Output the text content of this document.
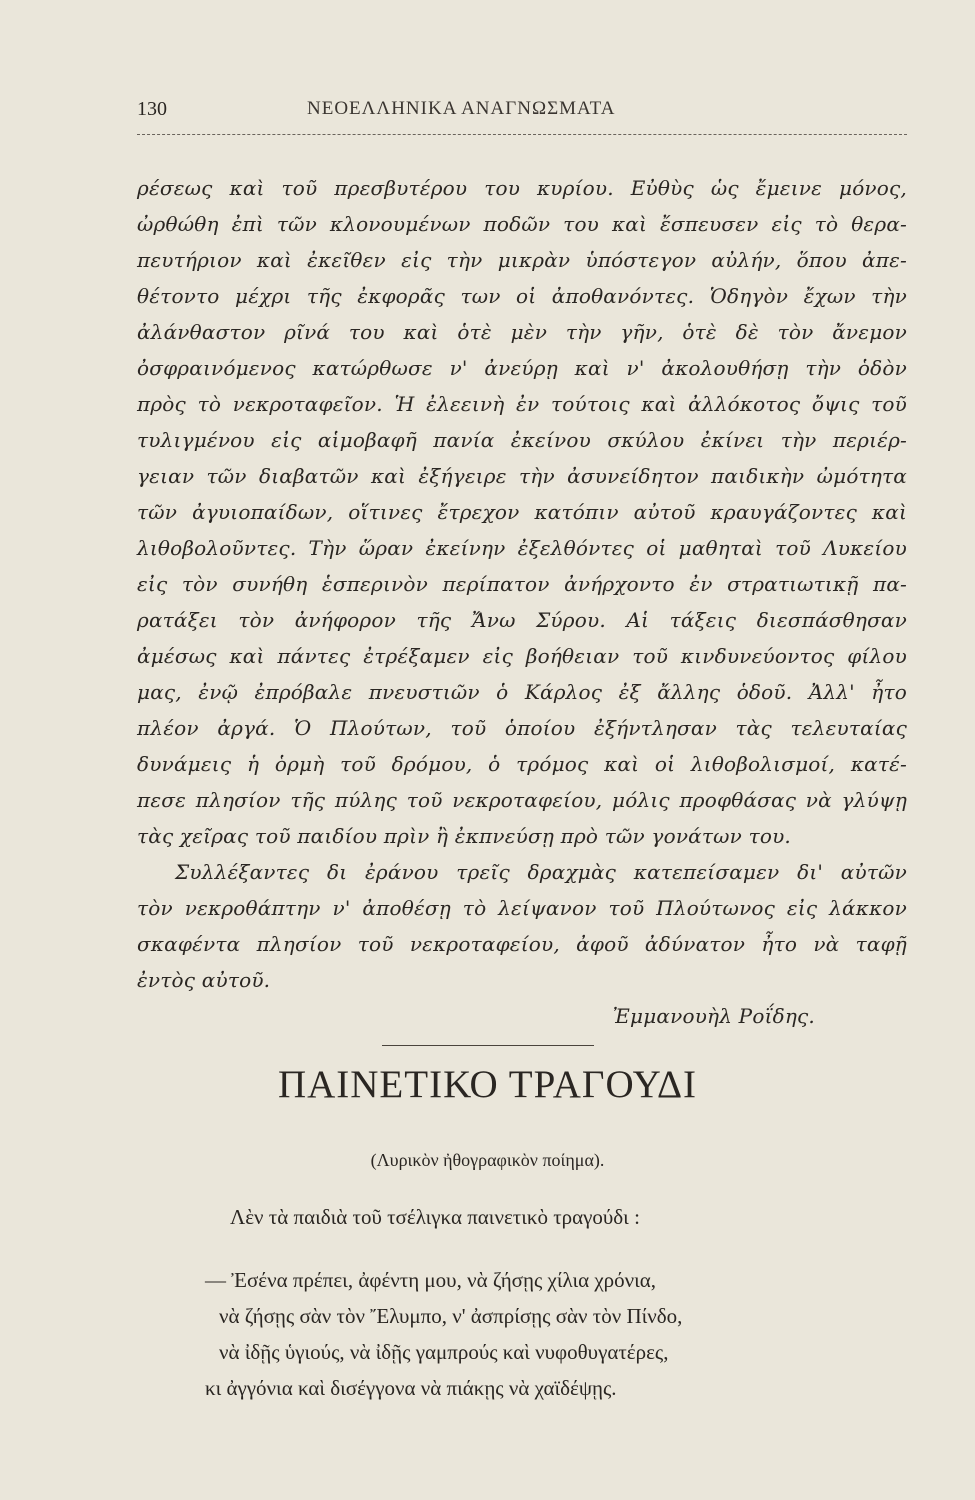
130	ΝΕΟΕΛΛΗΝΙΚΑ ΑΝΑΓΝΩΣΜΑΤΑ
ρέσεως καὶ τοῦ πρεσβυτέρου του κυρίου. Εὐθὺς ὡς ἔμεινε μόνος,
ὠρθώθη ἐπὶ τῶν κλονουμένων ποδῶν του καὶ ἔσπευσεν εἰς τὸ θερα-
πευτήριον καὶ ἐκεῖθεν εἰς τὴν μικρὰν ὑπόστεγον αὐλήν, ὅπου ἀπε-
θέτοντο μέχρι τῆς ἐκφορᾶς των οἱ ἀποθανόντες. Ὁδηγὸν ἔχων τὴν
ἀλάνθαστον ρῖνά του καὶ ὁτὲ μὲν τὴν γῆν, ὁτὲ δὲ τὸν ἄνεμον
ὀσφραινόμενος κατώρθωσε ν' ἀνεύρῃ καὶ ν' ἀκολουθήσῃ τὴν ὁδὸν
πρὸς τὸ νεκροταφεῖον. Ἡ ἐλεεινὴ ἐν τούτοις καὶ ἀλλόκοτος ὄψις τοῦ
τυλιγμένου εἰς αἱμοβαφῆ πανία ἐκείνου σκύλου ἐκίνει τὴν περιέρ-
γειαν τῶν διαβατῶν καὶ ἐξήγειρε τὴν ἀσυνείδητον παιδικὴν ὠμότητα
τῶν ἀγυιοπαίδων, οἵτινες ἔτρεχον κατόπιν αὐτοῦ κραυγάζοντες καὶ
λιθοβολοῦντες. Τὴν ὥραν ἐκείνην ἐξελθόντες οἱ μαθηταὶ τοῦ Λυκείου
εἰς τὸν συνήθη ἑσπερινὸν περίπατον ἀνήρχοντο ἐν στρατιωτικῇ πα-
ρατάξει τὸν ἀνήφορον τῆς Ἄνω Σύρου. Αἱ τάξεις διεσπάσθησαν
ἀμέσως καὶ πάντες ἐτρέξαμεν εἰς βοήθειαν τοῦ κινδυνεύοντος φίλου
μας, ἐνῷ ἐπρόβαλε πνευστιῶν ὁ Κάρλος ἐξ ἄλλης ὁδοῦ. Ἀλλ' ἦτο
πλέον ἀργά. Ὁ Πλούτων, τοῦ ὁποίου ἐξήντλησαν τὰς τελευταίας
δυνάμεις ἡ ὁρμὴ τοῦ δρόμου, ὁ τρόμος καὶ οἱ λιθοβολισμοί, κατέ-
πεσε πλησίον τῆς πύλης τοῦ νεκροταφείου, μόλις προφθάσας νὰ γλύψῃ
τὰς χεῖρας τοῦ παιδίου πρὶν ἢ ἐκπνεύσῃ πρὸ τῶν γονάτων του.
Συλλέξαντες δι ἐράνου τρεῖς δραχμὰς κατεπείσαμεν δι' αὐτῶν
τὸν νεκροθάπτην ν' ἀποθέσῃ τὸ λείψανον τοῦ Πλούτωνος εἰς λάκκον
σκαφέντα πλησίον τοῦ νεκροταφείου, ἀφοῦ ἀδύνατον ἦτο νὰ ταφῇ
ἐντὸς αὐτοῦ.
Ἐμμανουὴλ Ροΐδης.
ΠΑΙΝΕΤΙΚΟ ΤΡΑΓΟΥΔΙ
(Λυρικὸν ἠθογραφικὸν ποίημα).
Λὲν τὰ παιδιὰ τοῦ τσέλιγκα παινετικὸ τραγούδι :
— Ἐσένα πρέπει, ἀφέντη μου, νὰ ζήσῃς χίλια χρόνια,
νὰ ζήσῃς σὰν τὸν Ἔλυμπο, ν' ἀσπρίσῃς σὰν τὸν Πίνδο,
νὰ ἰδῇς ὑγιούς, νὰ ἰδῇς γαμπρούς καὶ νυφοθυγατέρες,
κι ἀγγόνια καὶ δισέγγονα νὰ πιάκῃς νὰ χαϊδέψῃς.
